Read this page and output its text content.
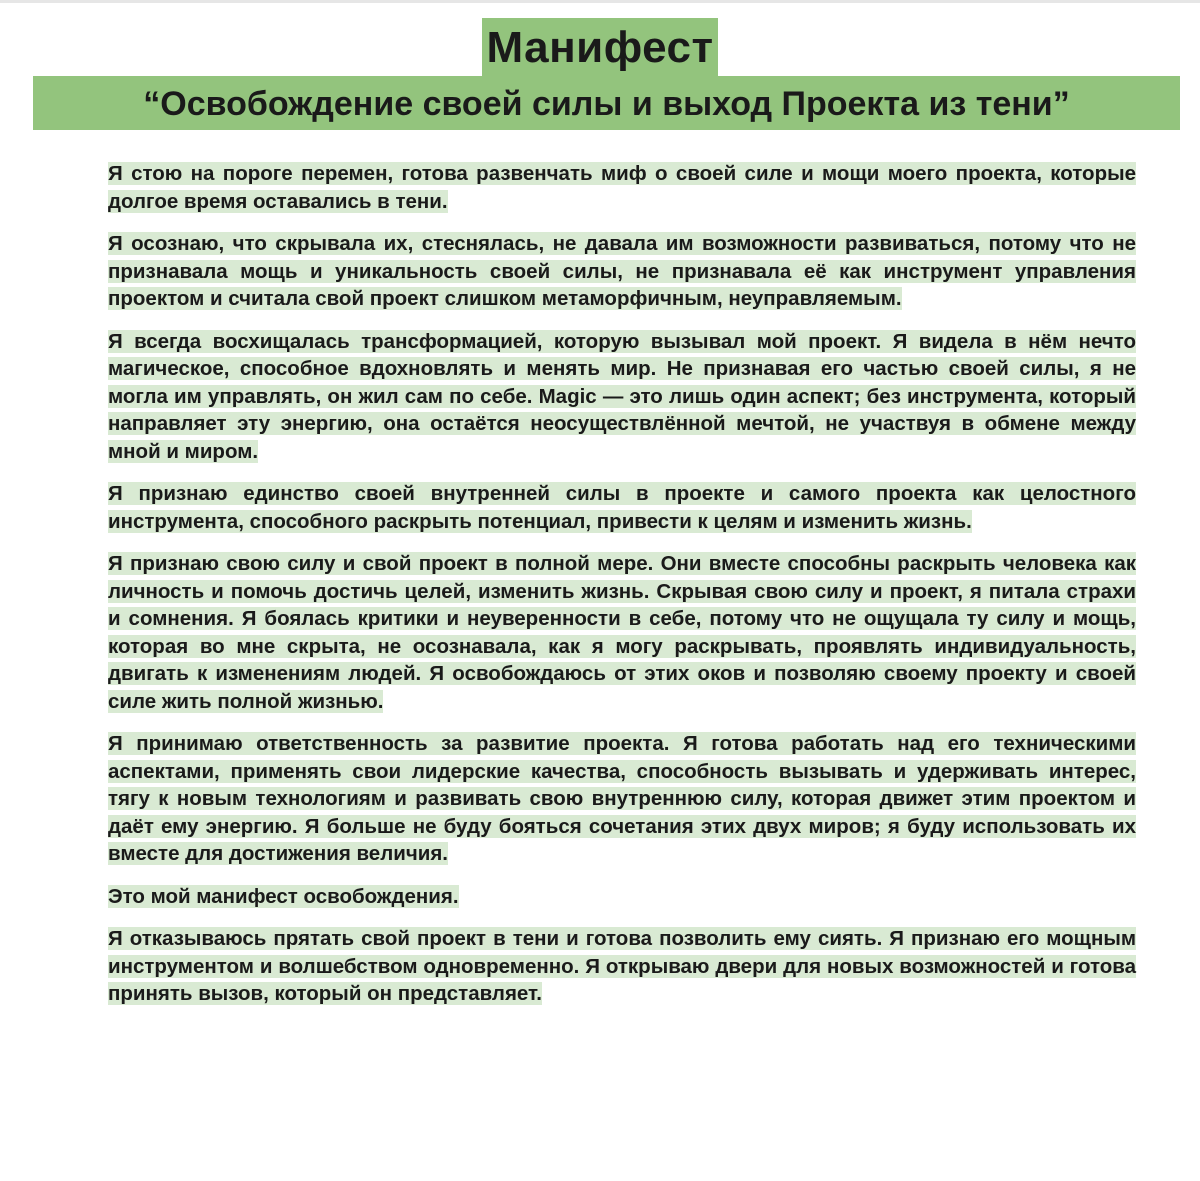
Манифест
“Освобождение своей силы и выход Проекта из тени”

Я стою на пороге перемен, готова развенчать миф о своей силе и мощи моего проекта, которые долгое время оставались в тени.

Я осознаю, что скрывала их, стеснялась, не давала им возможности развиваться, потому что не признавала мощь и уникальность своей силы, не признавала её как инструмент управления проектом и считала свой проект слишком метаморфичным, неуправляемым.

Я всегда восхищалась трансформацией, которую вызывал мой проект. Я видела в нём нечто магическое, способное вдохновлять и менять мир. Не признавая его частью своей силы, я не могла им управлять, он жил сам по себе. Magic — это лишь один аспект; без инструмента, который направляет эту энергию, она остаётся неосуществлённой мечтой, не участвуя в обмене между мной и миром.

Я признаю единство своей внутренней силы в проекте и самого проекта как целостного инструмента, способного раскрыть потенциал, привести к целям и изменить жизнь.

Я признаю свою силу и свой проект в полной мере. Они вместе способны раскрыть человека как личность и помочь достичь целей, изменить жизнь. Скрывая свою силу и проект, я питала страхи и сомнения. Я боялась критики и неуверенности в себе, потому что не ощущала ту силу и мощь, которая во мне скрыта, не осознавала, как я могу раскрывать, проявлять индивидуальность, двигать к изменениям людей. Я освобождаюсь от этих оков и позволяю своему проекту и своей силе жить полной жизнью.

Я принимаю ответственность за развитие проекта. Я готова работать над его техническими аспектами, применять свои лидерские качества, способность вызывать и удерживать интерес, тягу к новым технологиям и развивать свою внутреннюю силу, которая движет этим проектом и даёт ему энергию. Я больше не буду бояться сочетания этих двух миров; я буду использовать их вместе для достижения величия.

Это мой манифест освобождения.

Я отказываюсь прятать свой проект в тени и готова позволить ему сиять. Я признаю его мощным инструментом и волшебством одновременно. Я открываю двери для новых возможностей и готова принять вызов, который он представляет.
